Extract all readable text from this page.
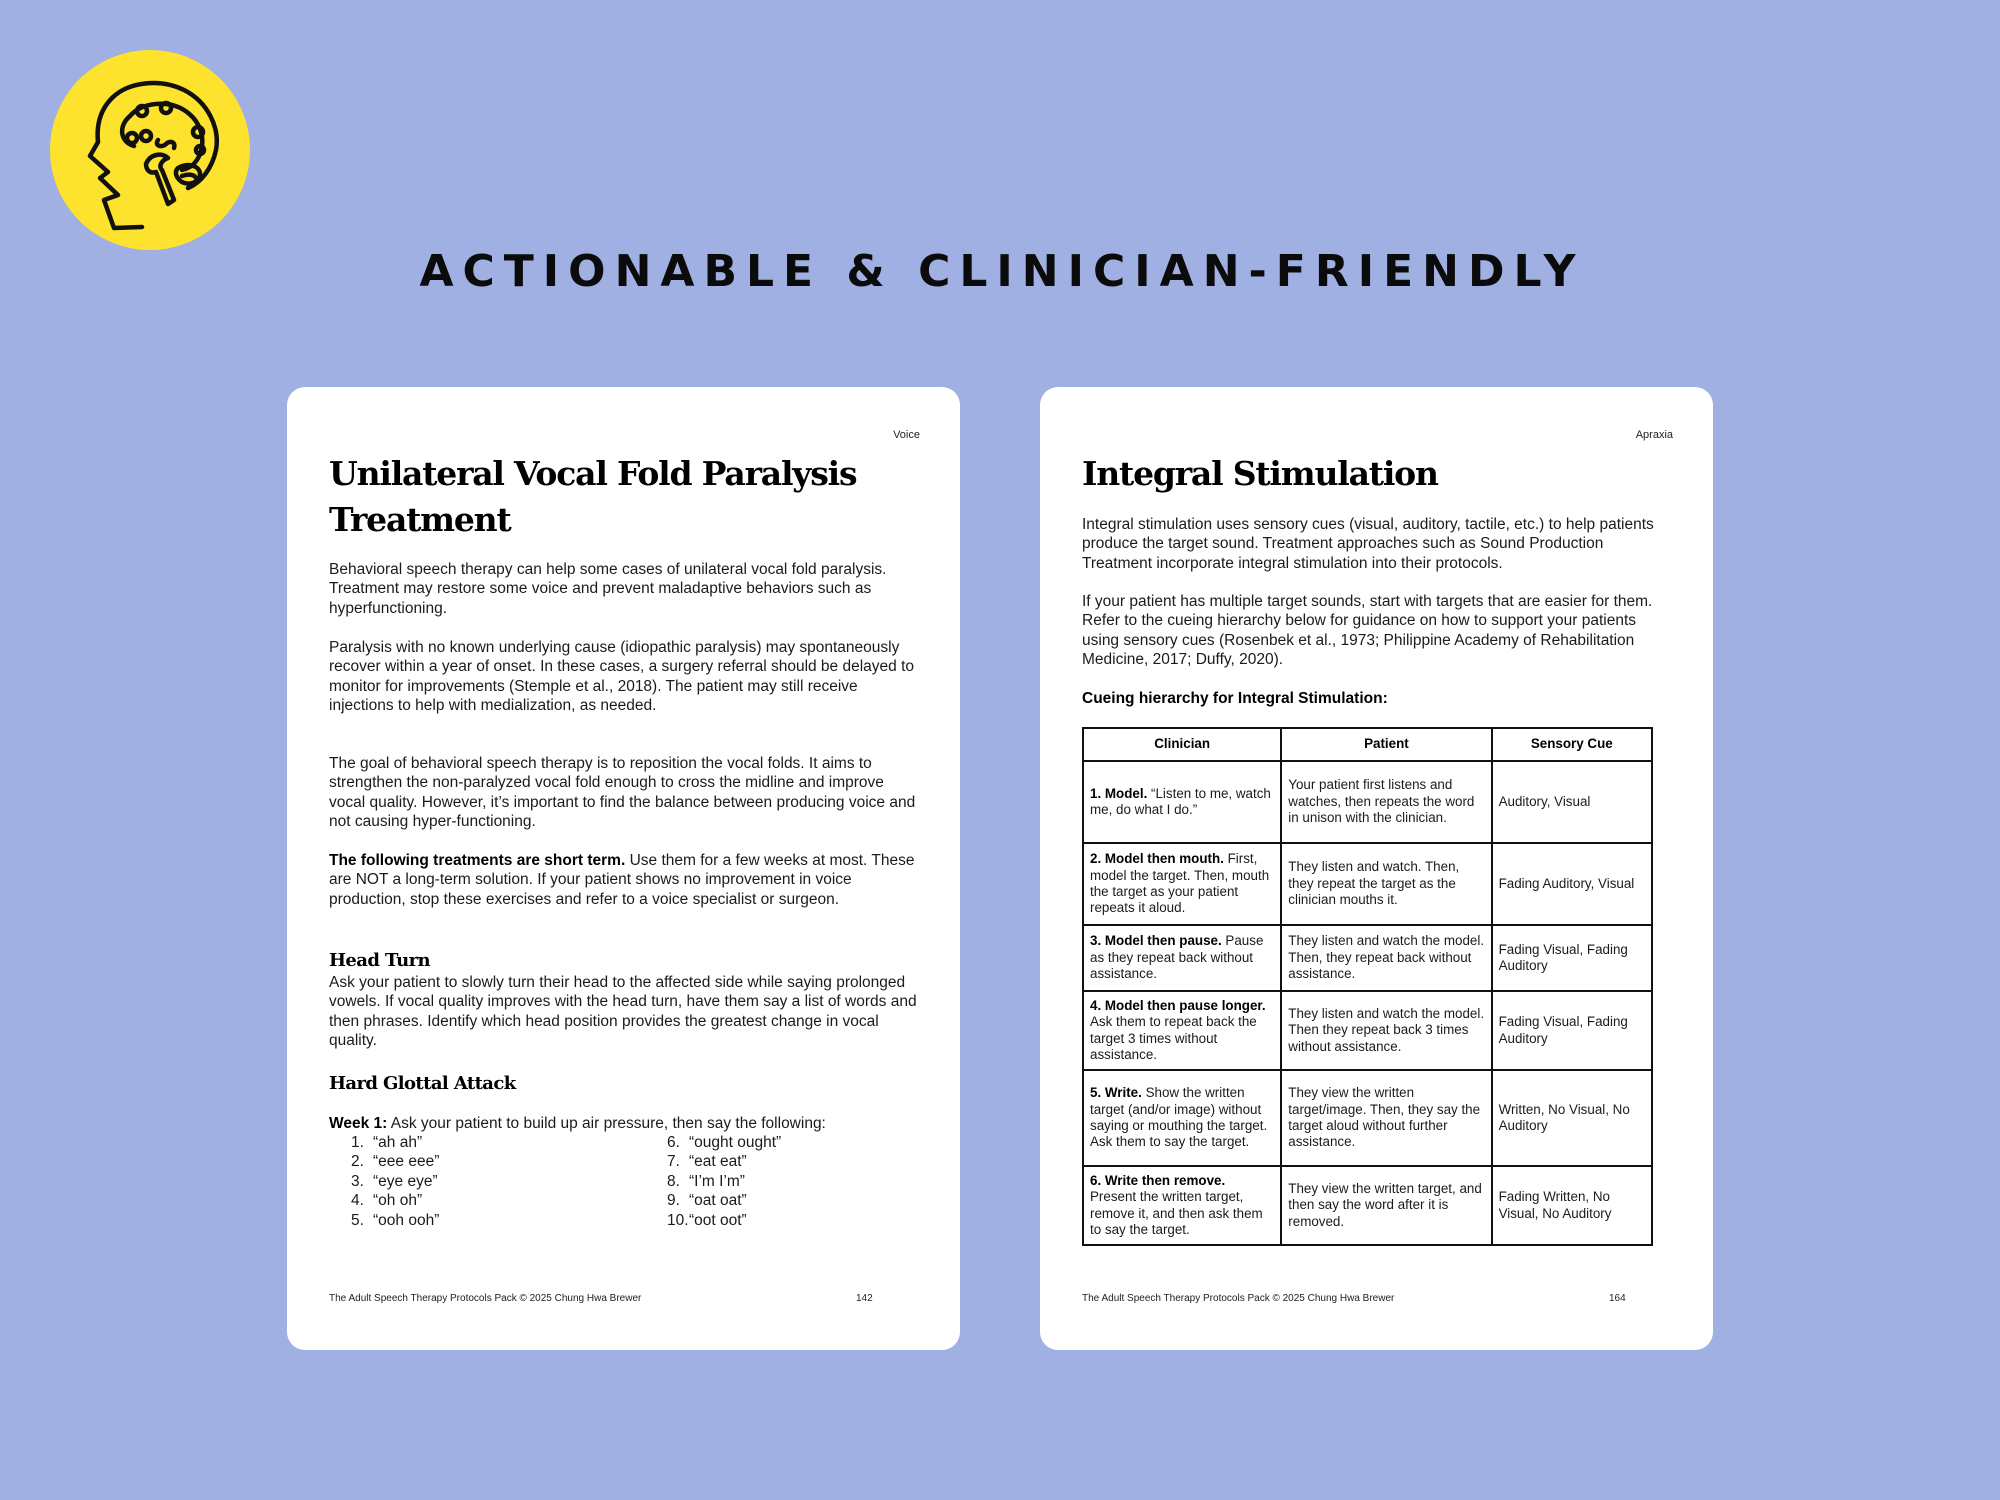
ACTIONABLE & CLINICIAN-FRIENDLY
Voice
Unilateral Vocal Fold Paralysis Treatment

Behavioral speech therapy can help some cases of unilateral vocal fold paralysis. Treatment may restore some voice and prevent maladaptive behaviors such as hyperfunctioning.

Paralysis with no known underlying cause (idiopathic paralysis) may spontaneously recover within a year of onset. In these cases, a surgery referral should be delayed to monitor for improvements (Stemple et al., 2018). The patient may still receive injections to help with medialization, as needed.

The goal of behavioral speech therapy is to reposition the vocal folds. It aims to strengthen the non-paralyzed vocal fold enough to cross the midline and improve vocal quality. However, it’s important to find the balance between producing voice and not causing hyper-functioning.

The following treatments are short term. Use them for a few weeks at most. These are NOT a long-term solution. If your patient shows no improvement in voice production, stop these exercises and refer to a voice specialist or surgeon.

Head Turn

Ask your patient to slowly turn their head to the affected side while saying prolonged vowels. If vocal quality improves with the head turn, have them say a list of words and then phrases. Identify which head position provides the greatest change in vocal quality.

Hard Glottal Attack

Week 1: Ask your patient to build up air pressure, then say the following:

1. “ah ah”
2. “eee eee”
3. “eye eye”
4. “oh oh”
5. “ooh ooh”
6. “ought ought”
7. “eat eat”
8. “I’m I’m”
9. “oat oat”
10.“oot oot”
The Adult Speech Therapy Protocols Pack © 2025 Chung Hwa Brewer	142
Apraxia
Integral Stimulation

Integral stimulation uses sensory cues (visual, auditory, tactile, etc.) to help patients produce the target sound. Treatment approaches such as Sound Production Treatment incorporate integral stimulation into their protocols.

If your patient has multiple target sounds, start with targets that are easier for them. Refer to the cueing hierarchy below for guidance on how to support your patients using sensory cues (Rosenbek et al., 1973; Philippine Academy of Rehabilitation Medicine, 2017; Duffy, 2020).

Cueing hierarchy for Integral Stimulation:

Clinician	Patient	Sensory Cue
1. Model. “Listen to me, watch me, do what I do.”	Your patient first listens and watches, then repeats the word in unison with the clinician.	Auditory, Visual
2. Model then mouth. First, model the target. Then, mouth the target as your patient repeats it aloud.	They listen and watch. Then, they repeat the target as the clinician mouths it.	Fading Auditory, Visual
3. Model then pause. Pause as they repeat back without assistance.	They listen and watch the model. Then, they repeat back without assistance.	Fading Visual, Fading Auditory
4. Model then pause longer. Ask them to repeat back the target 3 times without assistance.	They listen and watch the model. Then they repeat back 3 times without assistance.	Fading Visual, Fading Auditory
5. Write. Show the written target (and/or image) without saying or mouthing the target. Ask them to say the target.	They view the written target/image. Then, they say the target aloud without further assistance.	Written, No Visual, No Auditory
6. Write then remove. Present the written target, remove it, and then ask them to say the target.	They view the written target, and then say the word after it is removed.	Fading Written, No Visual, No Auditory
The Adult Speech Therapy Protocols Pack © 2025 Chung Hwa Brewer	164
